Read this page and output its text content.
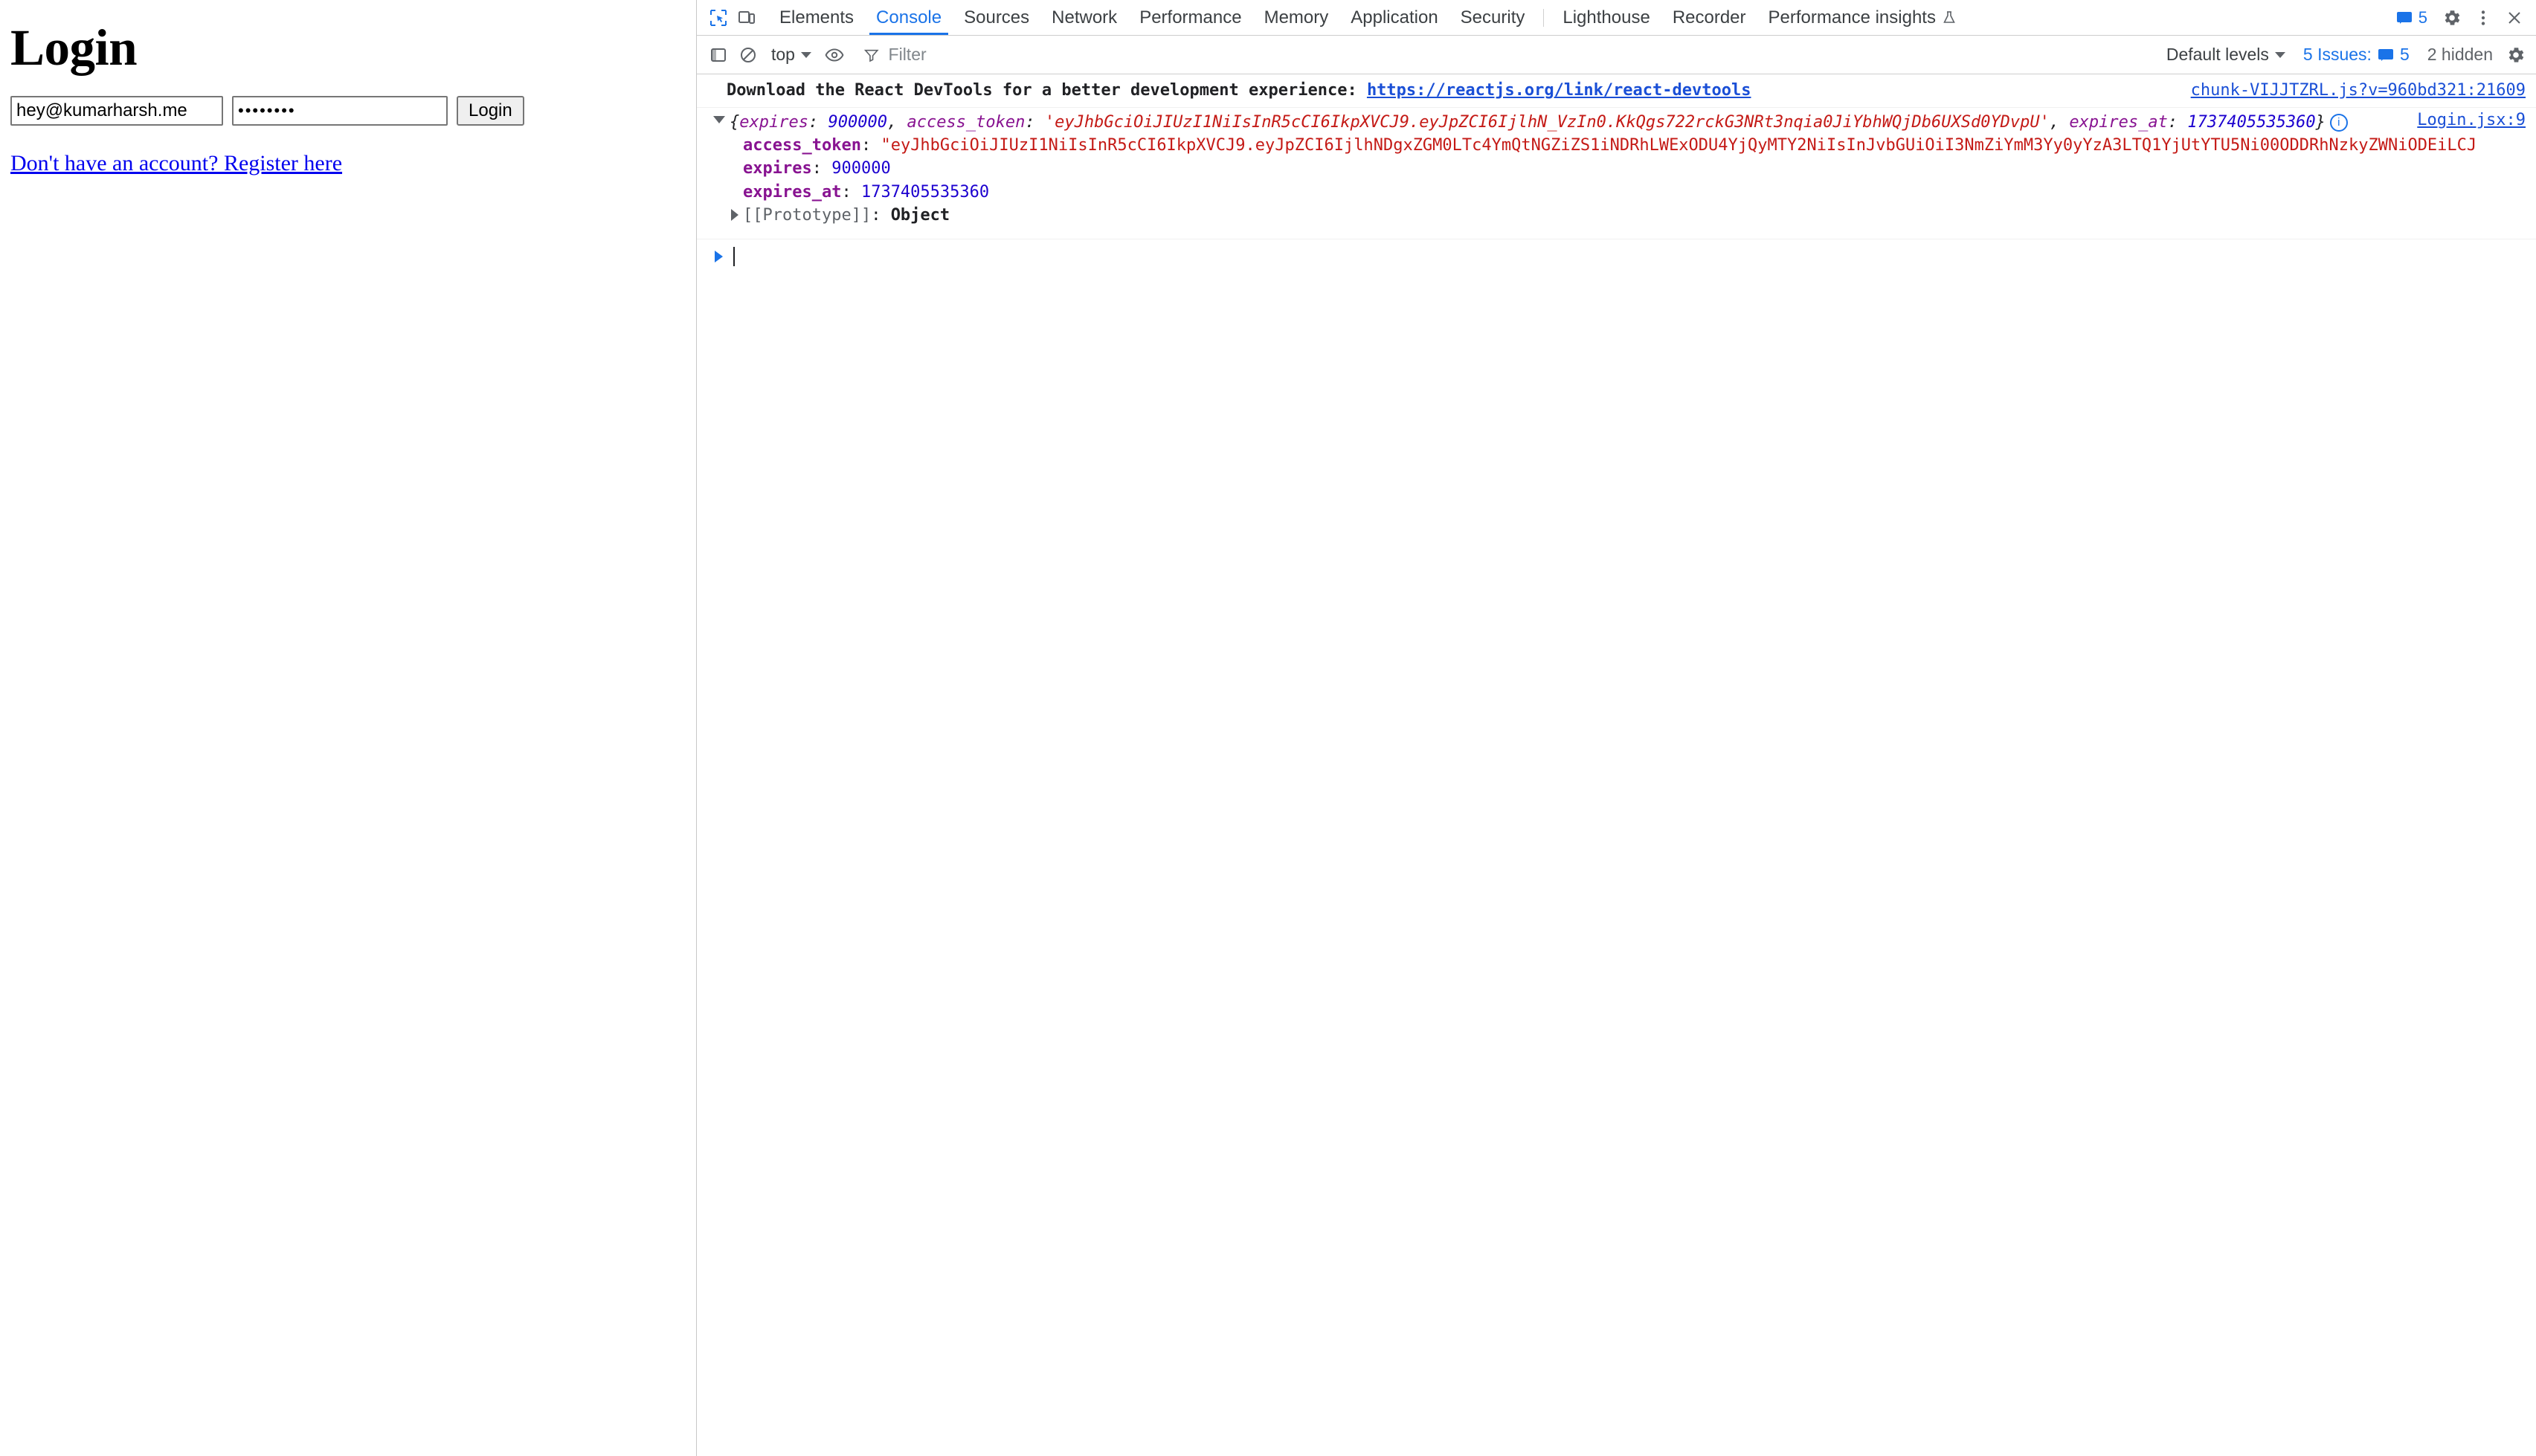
Login
hey@kumarharsh.me
••••••••
Login
Don't have an account? Register here
Elements	Console	Sources	Network	Performance	Memory	Application	Security	Lighthouse	Recorder	Performance insights	5
top
Filter	Default levels 5 Issues: 5	2 hidden
Download the React DevTools for a better development experience: https://reactjs.org/link/react-devtools	chunk-VIJJTZRL.js?v=960bd321:21609
Login.jsx:9
{expires: 900000, access_token: 'eyJhbGciOiJIUzI1NiIsInR5cCI6IkpXVCJ9.eyJpZCI6IjlhN_VzIn0.KkQgs722rckG3NRt3nqia0JiYbhWQjDb6UXSd0YDvpU', expires_at: 1737405535360} i
access_token: "eyJhbGciOiJIUzI1NiIsInR5cCI6IkpXVCJ9.eyJpZCI6IjlhNDgxZGM0LTc4YmQtNGZiZS1iNDRhLWExODU4YjQyMTY2NiIsInJvbGUiOiI3NmZiYmM3Yy0yYzA3LTQ1YjUtYTU5Ni00ODDRhNzkyZWNiODEiLCJ
expires: 900000
expires_at: 1737405535360
[[Prototype]]: Object
